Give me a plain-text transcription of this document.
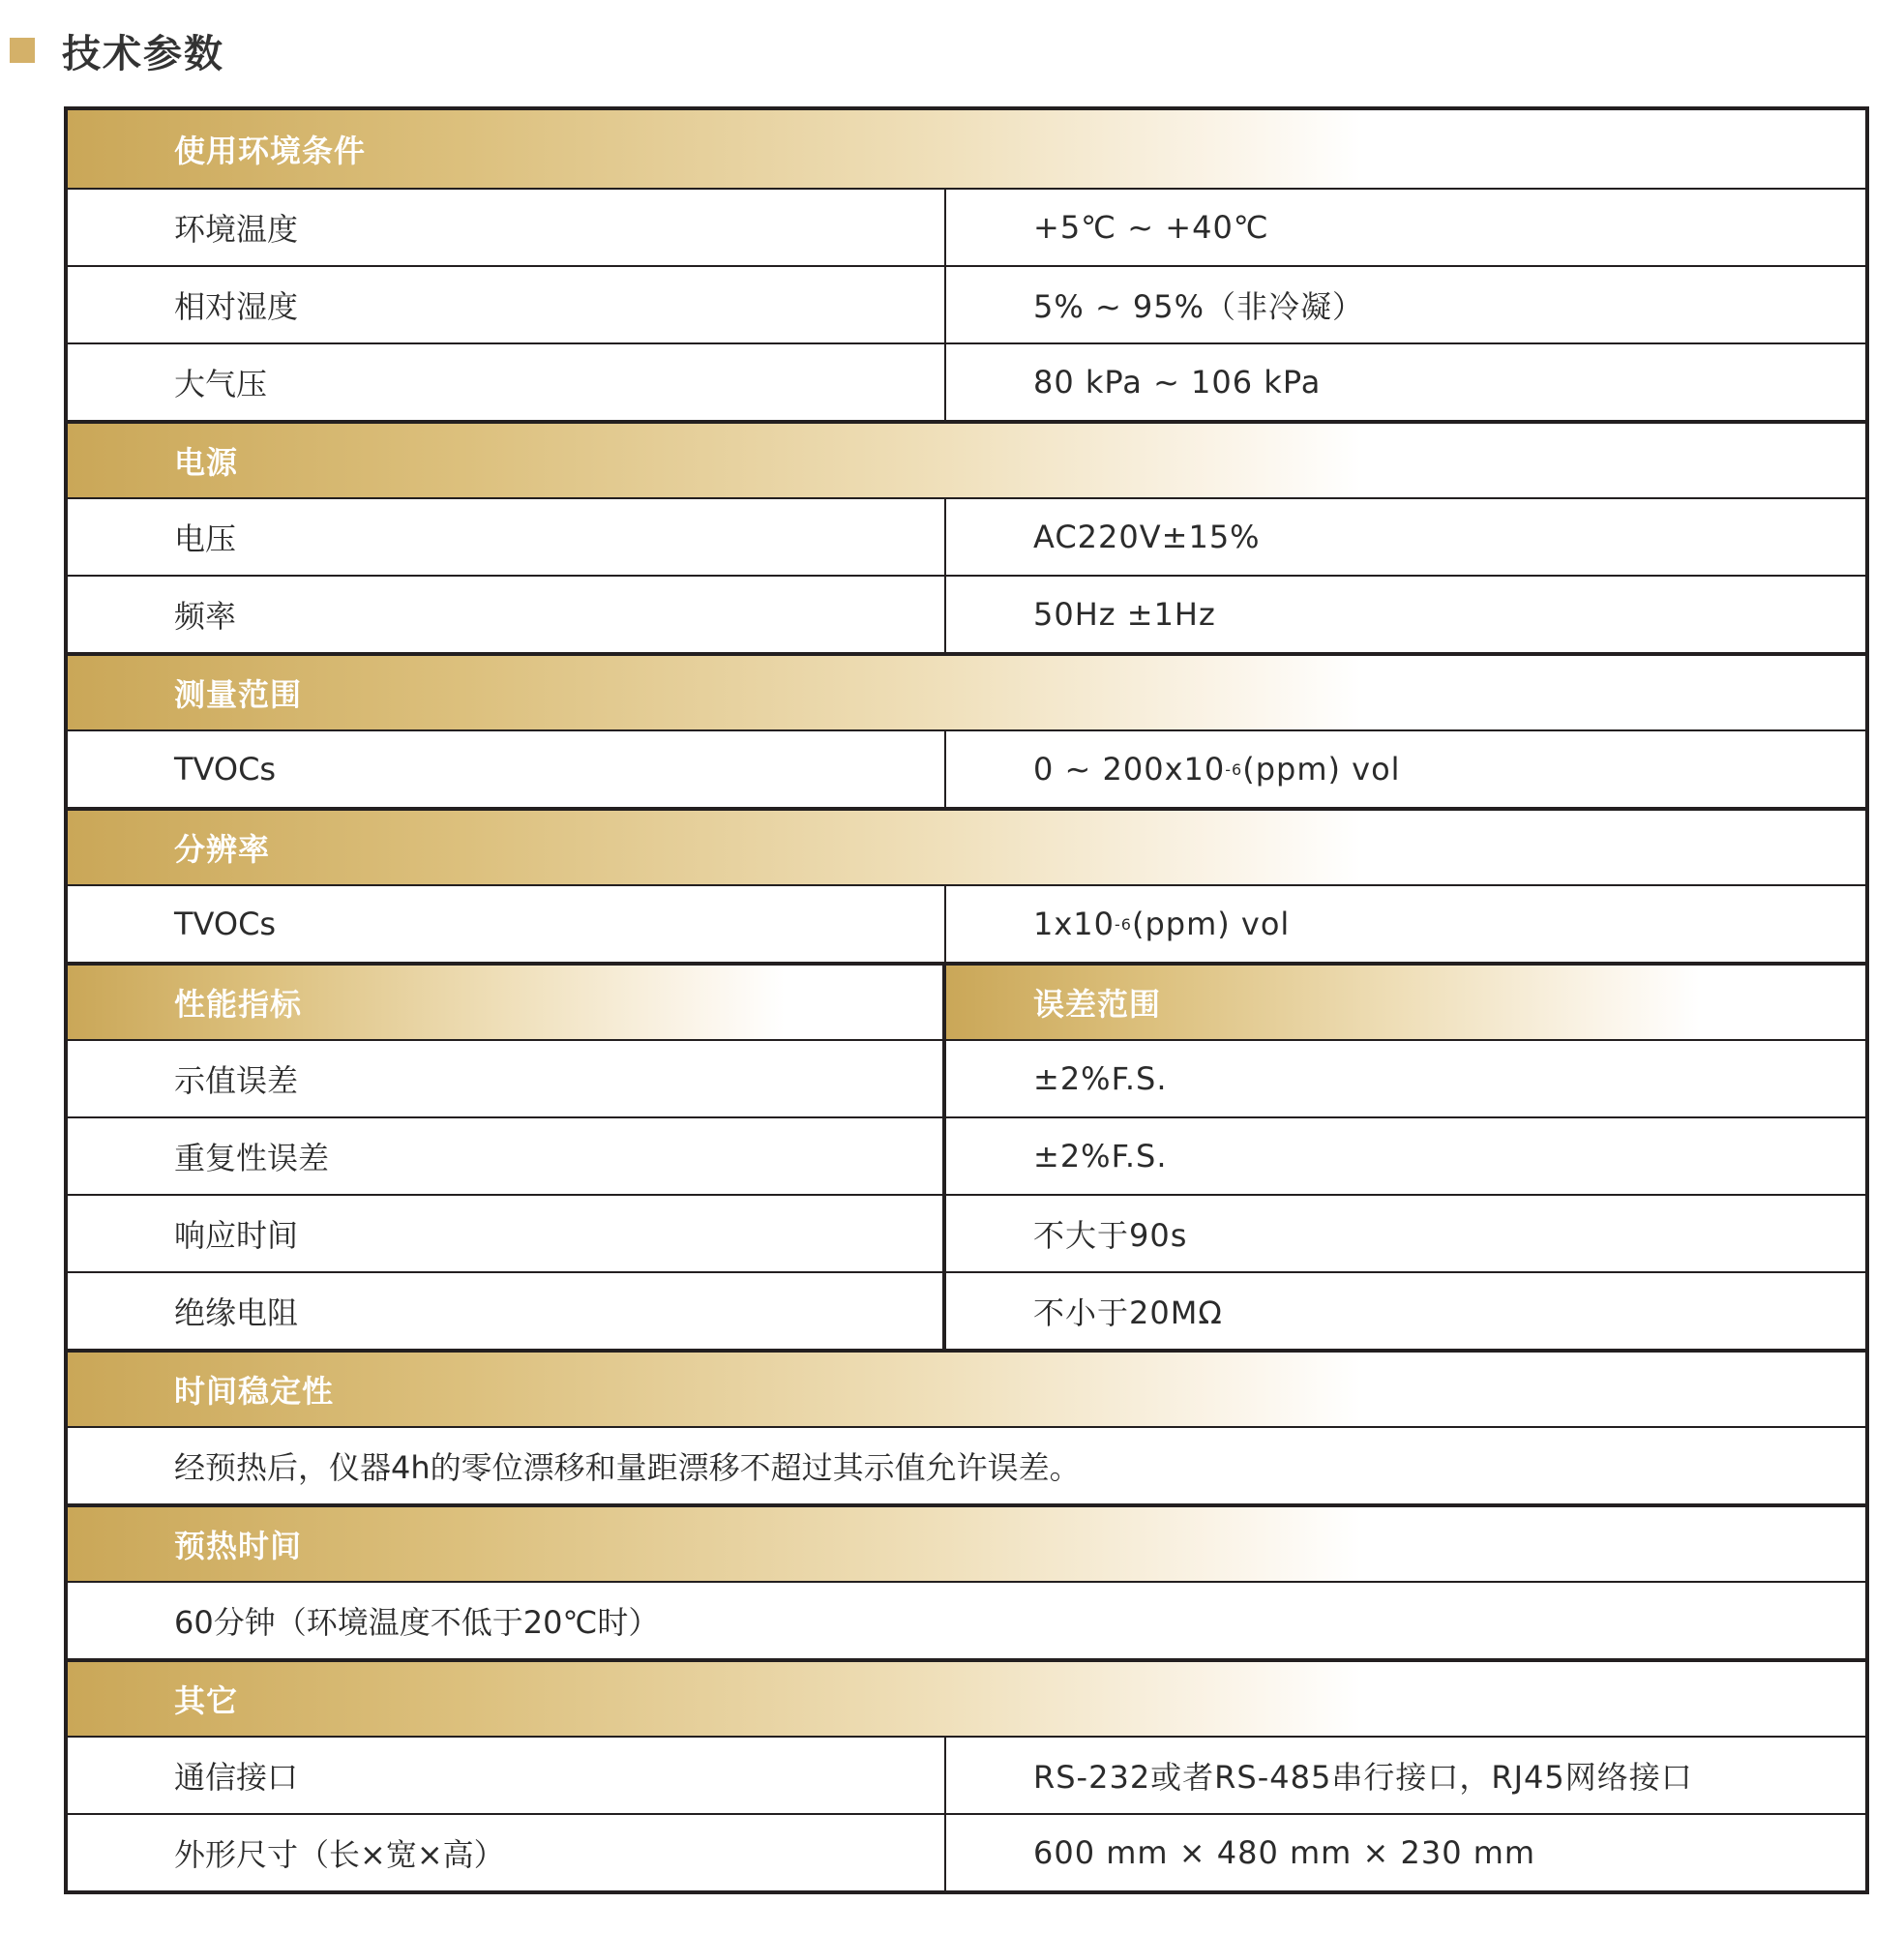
技术参数
使用环境条件
环境温度	+5℃ ~ +40℃
相对湿度	5% ~ 95%（非冷凝）
大气压	80 kPa ~ 106 kPa
电源
电压	AC220V±15%
频率	50Hz ±1Hz
测量范围
TVOCs	0 ~ 200x10 -6 (ppm) vol
分辨率
TVOCs	1x10 -6 (ppm) vol
性能指标	误差范围
示值误差	±2%F.S.
重复性误差	±2%F.S.
响应时间	不大于90s
绝缘电阻	不小于20MΩ
时间稳定性
经预热后，仪器4h的零位漂移和量距漂移不超过其示值允许误差。
预热时间
60分钟（环境温度不低于20℃时）
其它
通信接口	RS-232或者RS-485串行接口，RJ45网络接口
外形尺寸（长×宽×高）	600 mm × 480 mm × 230 mm
